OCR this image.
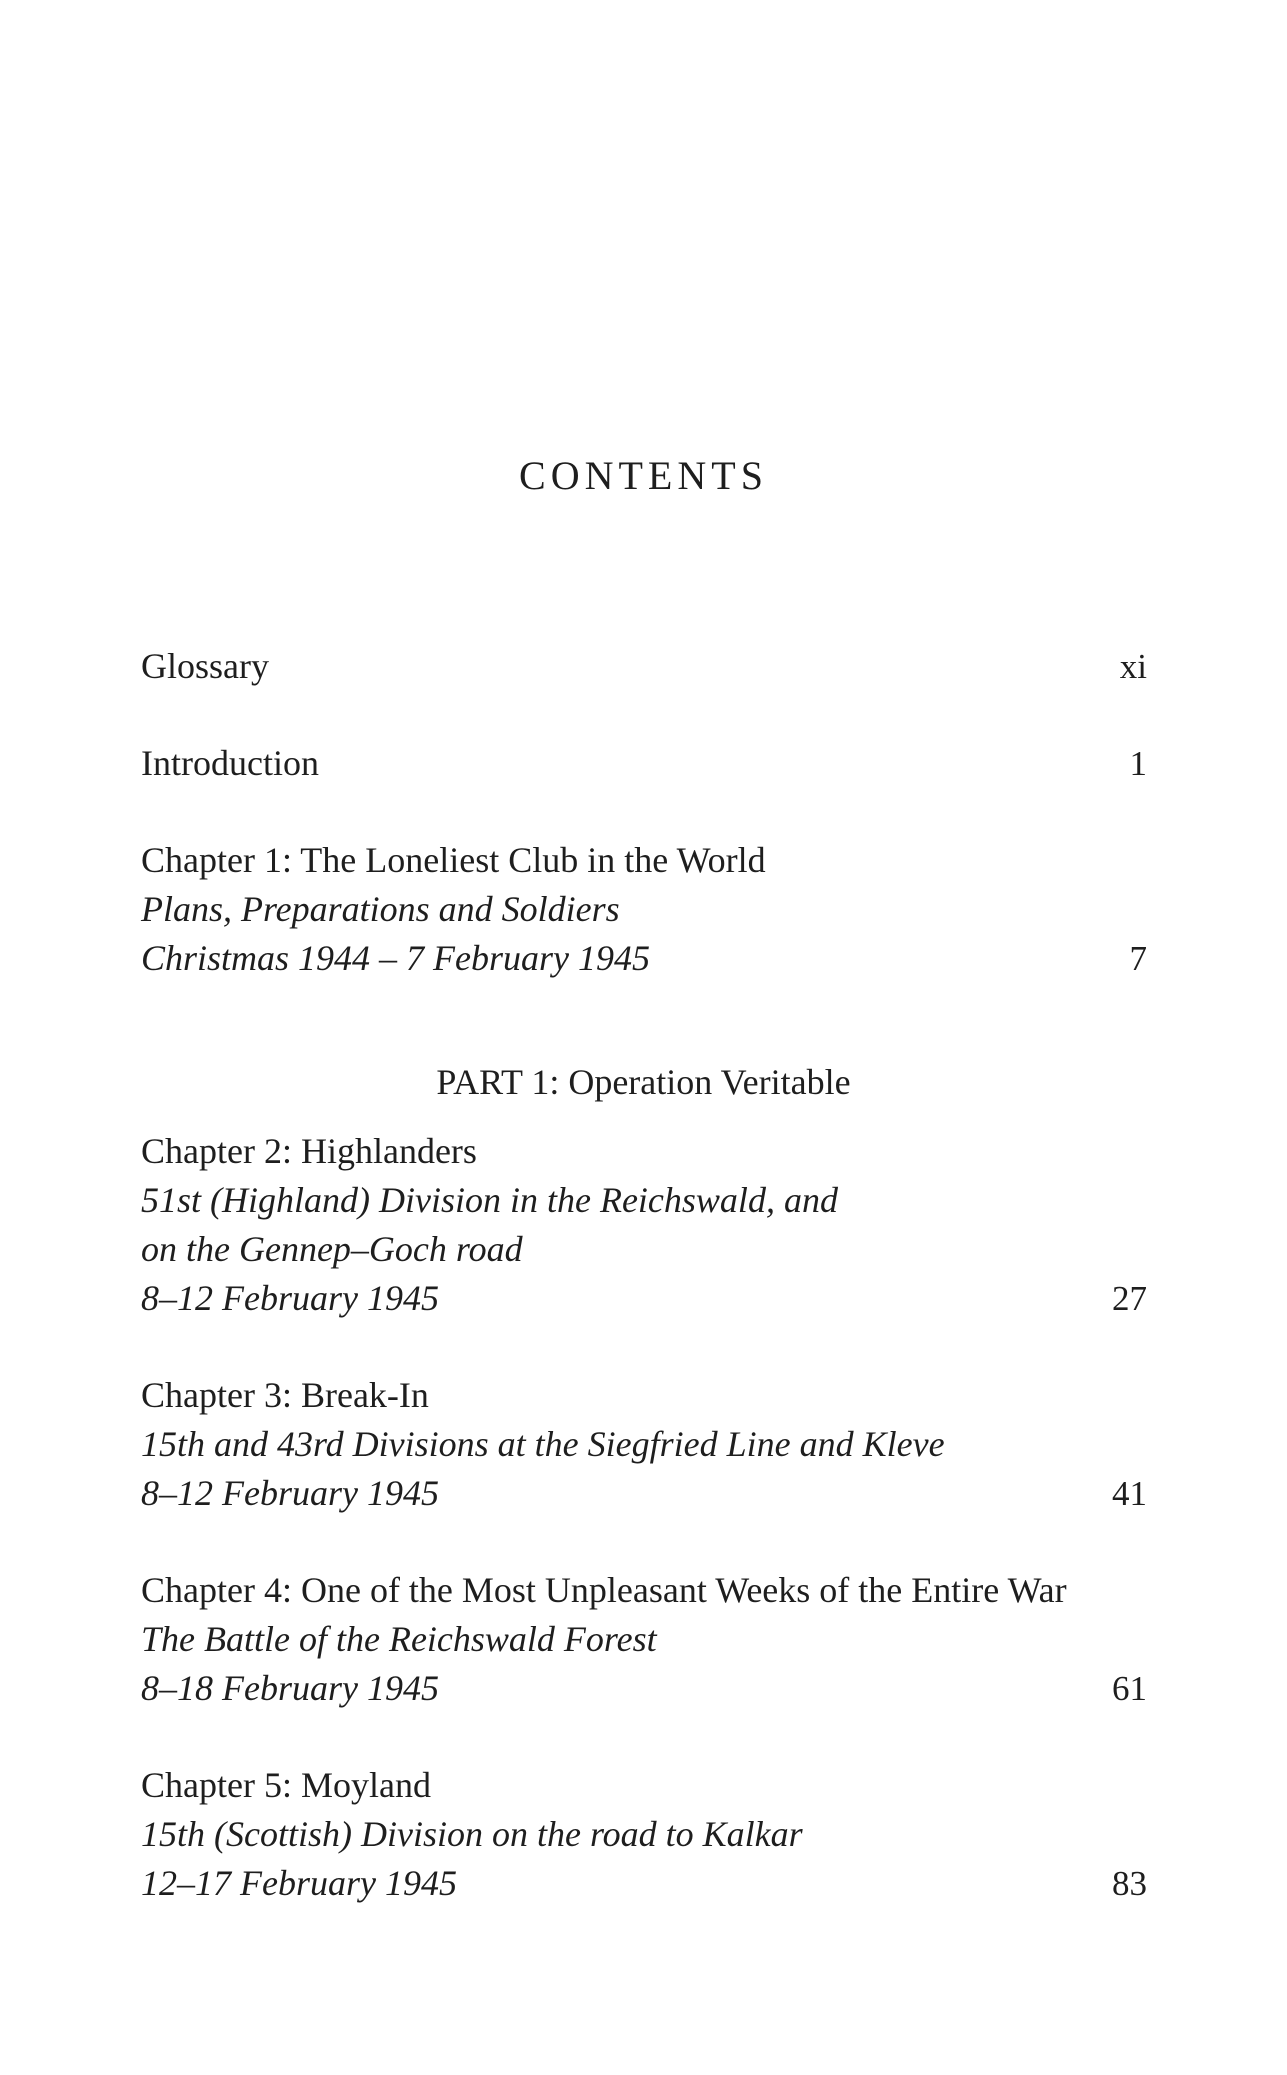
CONTENTS
Glossary	xi
Introduction	1
Chapter 1: The Loneliest Club in the World
Plans, Preparations and Soldiers
Christmas 1944 – 7 February 1945	7
PART 1: Operation Veritable
Chapter 2: Highlanders
51st (Highland) Division in the Reichswald, and
on the Gennep–Goch road
8–12 February 1945	27
Chapter 3: Break-In
15th and 43rd Divisions at the Siegfried Line and Kleve
8–12 February 1945	41
Chapter 4: One of the Most Unpleasant Weeks of the Entire War
The Battle of the Reichswald Forest
8–18 February 1945	61
Chapter 5: Moyland
15th (Scottish) Division on the road to Kalkar
12–17 February 1945	83
